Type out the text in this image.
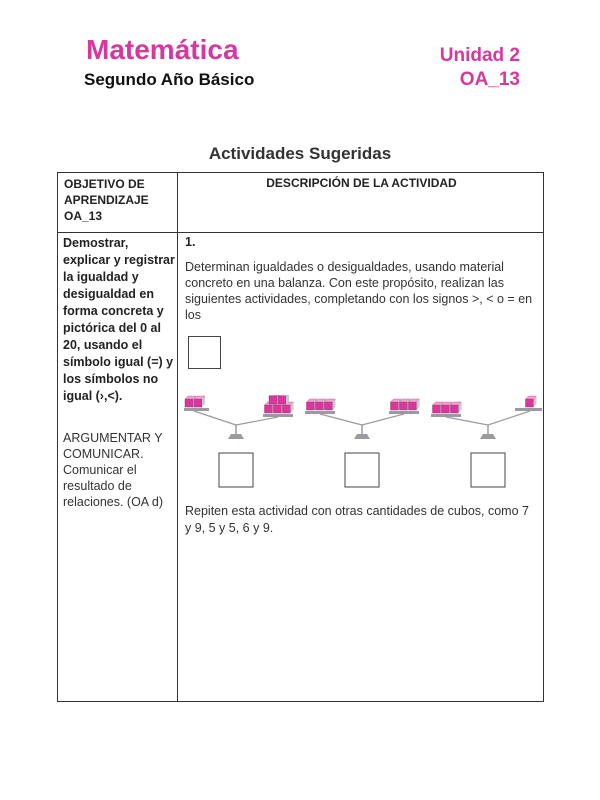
Matemática
Segundo Año Básico
Unidad 2
OA_13
Actividades Sugeridas
OBJETIVO DE APRENDIZAJE OA_13
DESCRIPCIÓN DE LA ACTIVIDAD
Demostrar, explicar y registrar la igualdad y desigualdad en forma concreta y pictórica del 0 al 20, usando el símbolo igual (=) y los símbolos no igual (›,<).
ARGUMENTAR Y COMUNICAR.
Comunicar el resultado de relaciones. (OA d)
1.
Determinan igualdades o desigualdades, usando material concreto en una balanza. Con este propósito, realizan las siguientes actividades, completando con los signos >, < o = en los
Repiten esta actividad con otras cantidades de cubos, como 7 y 9, 5 y 5, 6 y 9.
